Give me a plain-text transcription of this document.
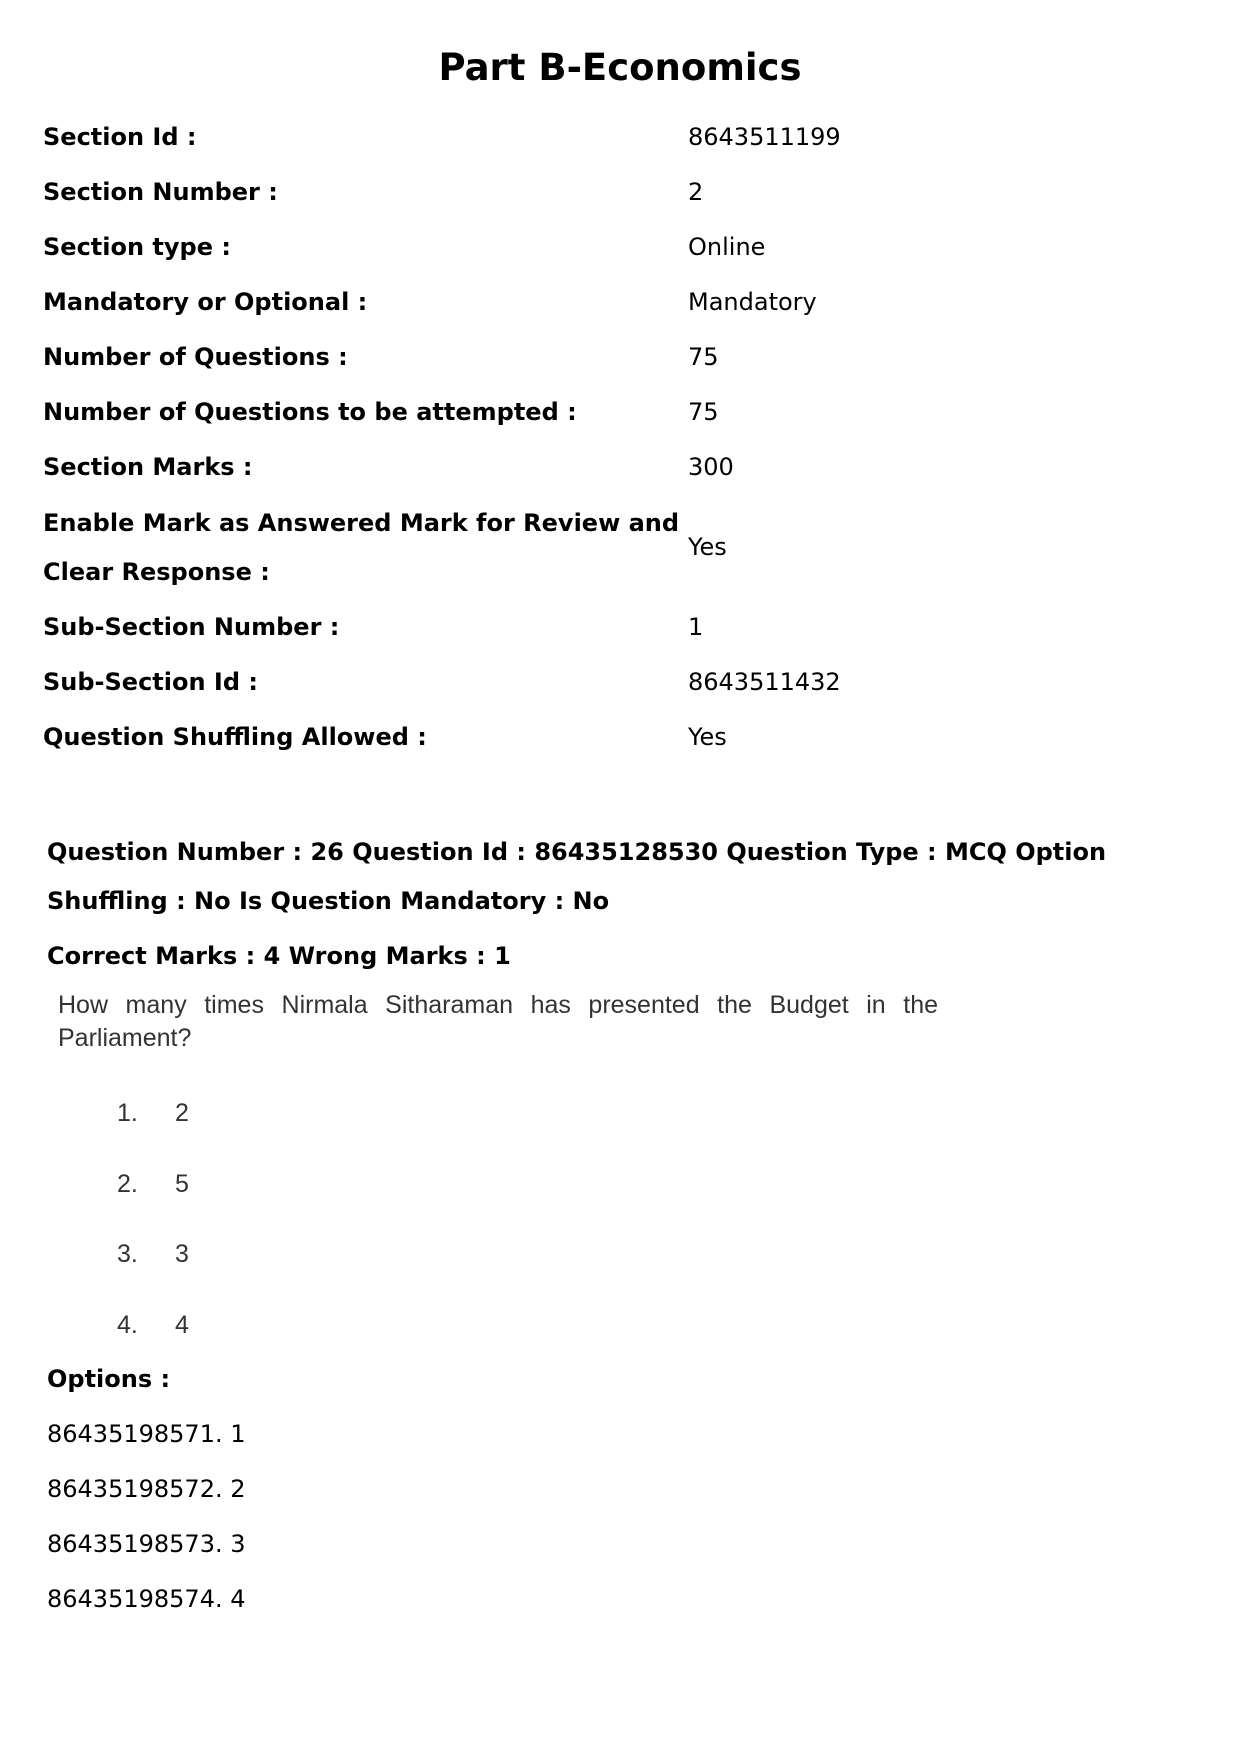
Part B-Economics
Section Id :	8643511199
Section Number :	2
Section type :	Online
Mandatory or Optional :	Mandatory
Number of Questions :	75
Number of Questions to be attempted :	75
Section Marks :	300
Enable Mark as Answered Mark for Review and Clear Response :
Yes
Sub-Section Number :	1
Sub-Section Id :	8643511432
Question Shuffling Allowed :	Yes

Question Number : 26 Question Id : 86435128530 Question Type : MCQ Option Shuffling : No Is Question Mandatory : No

Correct Marks : 4 Wrong Marks : 1
How many times Nirmala Sitharaman has presented the Budget in the Parliament?
1. 2
2. 5
3. 3
4. 4

Options :

86435198571. 1
86435198572. 2
86435198573. 3
86435198574. 4
